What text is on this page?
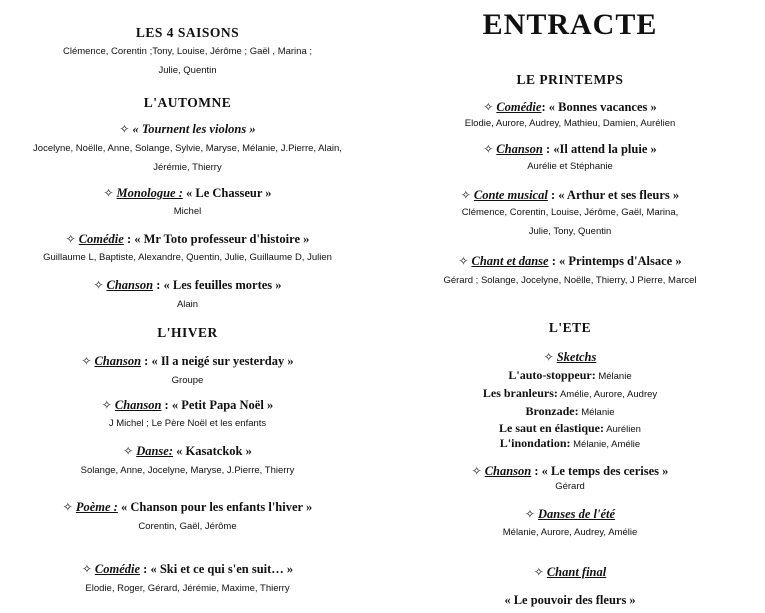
LES 4 SAISONS
Clémence, Corentin ;Tony, Louise, Jérôme ; Gaël , Marina ;
Julie, Quentin
L'AUTOMNE
✧ « Tournent les violons »
Jocelyne, Noëlle, Anne, Solange, Sylvie, Maryse, Mélanie, J.Pierre, Alain,
Jérémie, Thierry
✧ Monologue : « Le Chasseur »
Michel
✧ Comédie : « Mr Toto professeur d'histoire »
Guillaume L, Baptiste, Alexandre, Quentin, Julie, Guillaume D, Julien
✧ Chanson : « Les feuilles mortes »
Alain
L'HIVER
✧ Chanson : « Il a neigé sur yesterday »
Groupe
✧ Chanson : « Petit Papa Noël »
J Michel ; Le Père Noël et les enfants
✧ Danse: « Kasatckok »
Solange, Anne, Jocelyne, Maryse, J.Pierre, Thierry
✧ Poème : « Chanson pour les enfants l'hiver »
Corentin, Gaël, Jérôme
✧ Comédie : « Ski et ce qui s'en suit… »
Elodie, Roger, Gérard, Jérémie, Maxime, Thierry
ENTRACTE
LE PRINTEMPS
✧ Comédie: « Bonnes vacances »
Elodie, Aurore, Audrey, Mathieu, Damien, Aurélien
✧ Chanson : «Il attend la pluie »
Aurélie et Stéphanie
✧ Conte musical : « Arthur et ses fleurs »
Clémence, Corentin, Louise, Jérôme, Gaël, Marina,
Julie, Tony, Quentin
✧ Chant et danse : « Printemps d'Alsace »
Gérard ; Solange, Jocelyne, Noëlle, Thierry, J Pierre, Marcel
L'ETE
✧ Sketchs
L'auto-stoppeur: Mélanie
Les branleurs: Amélie, Aurore, Audrey
Bronzade: Mélanie
Le saut en élastique: Aurélien
L'inondation: Mélanie, Amélie
✧ Chanson : « Le temps des cerises »
Gérard
✧ Danses de l'été
Mélanie, Aurore, Audrey, Amélie
✧ Chant final
« Le pouvoir des fleurs »
